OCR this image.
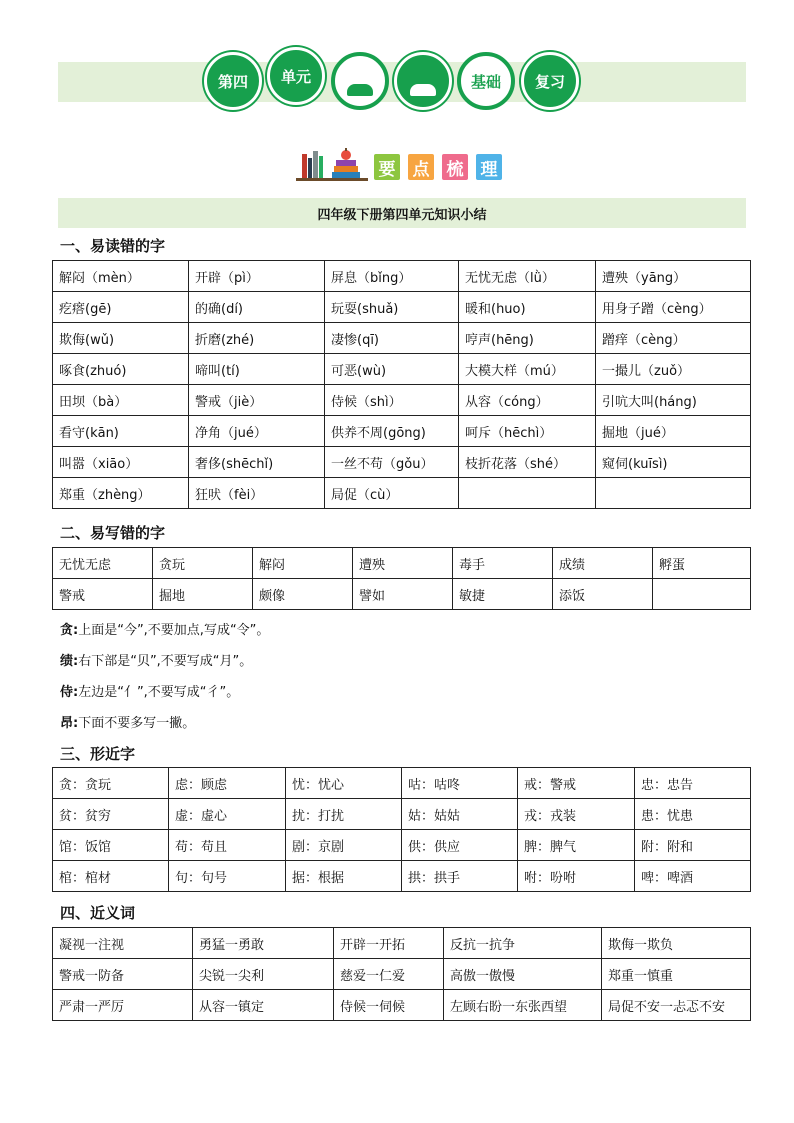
第四 单元	基础 复习
要 点 梳 理
四年级下册第四单元知识小结
一、易读错的字
解闷（mèn）	开辟（pì）	屏息（bǐng）	无忧无虑（lǜ）	遭殃（yāng）
疙瘩(gē)	的确(dí)	玩耍(shuǎ)	暖和(huo)	用身子蹭（cèng）
欺侮(wǔ)	折磨(zhé)	凄惨(qī)	哼声(hēng)	蹭痒（cèng）
啄食(zhuó)	啼叫(tí)	可恶(wù)	大模大样（mú）	一撮儿（zuǒ）
田坝（bà）	警戒（jiè）	侍候（shì）	从容（cóng）	引吭大叫(háng)
看守(kān)	净角（jué）	供养不周(gōng)	呵斥（hēchì）	掘地（jué）
叫嚣（xiāo）	奢侈(shēchǐ)	一丝不苟（gǒu）	枝折花落（shé）	窥伺(kuīsì)
郑重（zhèng）	狂吠（fèi）	局促（cù）		
二、易写错的字
无忧无虑	贪玩	解闷	遭殃	毒手	成绩	孵蛋
警戒	掘地	颇像	譬如	敏捷	添饭	
贪:上面是“今”,不要加点,写成“令”。
绩:右下部是“贝”,不要写成“月”。
侍:左边是“亻”,不要写成“彳”。
昂:下面不要多写一撇。
三、形近字
贪：贪玩	虑：顾虑	忧：忧心	咕：咕咚	戒：警戒	忠：忠告
贫：贫穷	虚：虚心	扰：打扰	姑：姑姑	戎：戎装	患：忧患
馆：饭馆	苟：苟且	剧：京剧	供：供应	脾：脾气	附：附和
棺：棺材	句：句号	据：根据	拱：拱手	咐：吩咐	啤：啤酒
四、近义词
凝视一注视	勇猛一勇敢	开辟一开拓	反抗一抗争	欺侮一欺负
警戒一防备	尖锐一尖利	慈爱一仁爱	高傲一傲慢	郑重一慎重
严肃一严厉	从容一镇定	侍候一伺候	左顾右盼一东张西望	局促不安一忐忑不安
